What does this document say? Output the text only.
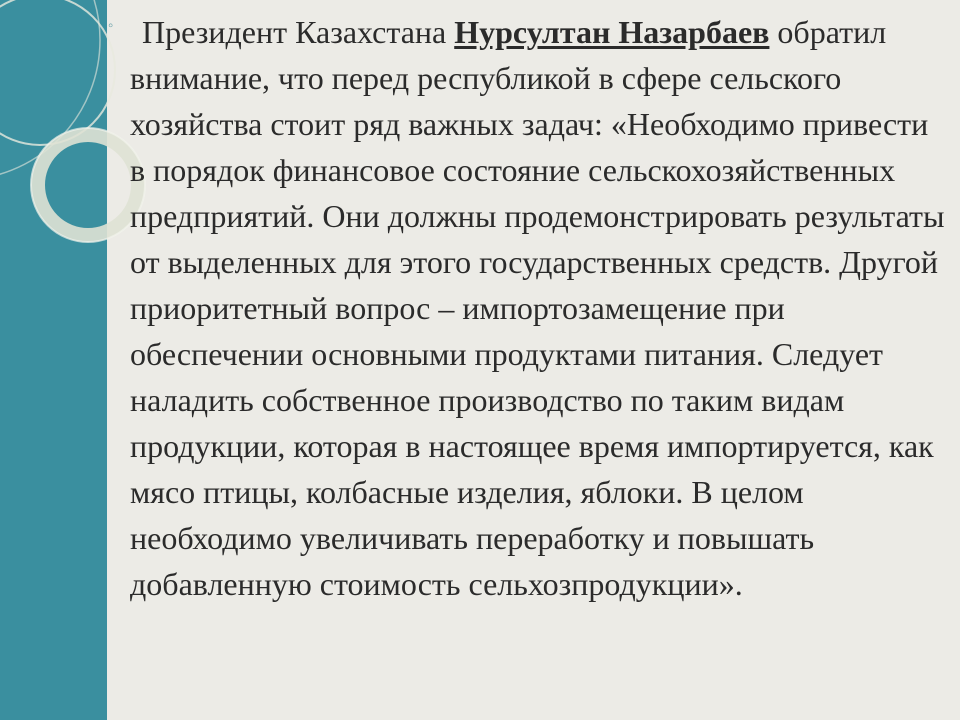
◦ Президент Казахстана Нурсултан Назарбаев обратил внимание, что перед республикой в сфере сельского хозяйства стоит ряд важных задач: «Необходимо привести в порядок финансовое состояние сельскохозяйственных предприятий. Они должны продемонстрировать результаты от выделенных для этого государственных средств. Другой приоритетный вопрос – импортозамещение при обеспечении основными продуктами питания. Следует наладить собственное производство по таким видам продукции, которая в настоящее время импортируется, как мясо птицы, колбасные изделия, яблоки. В целом необходимо увеличивать переработку и повышать добавленную стоимость сельхозпродукции».
